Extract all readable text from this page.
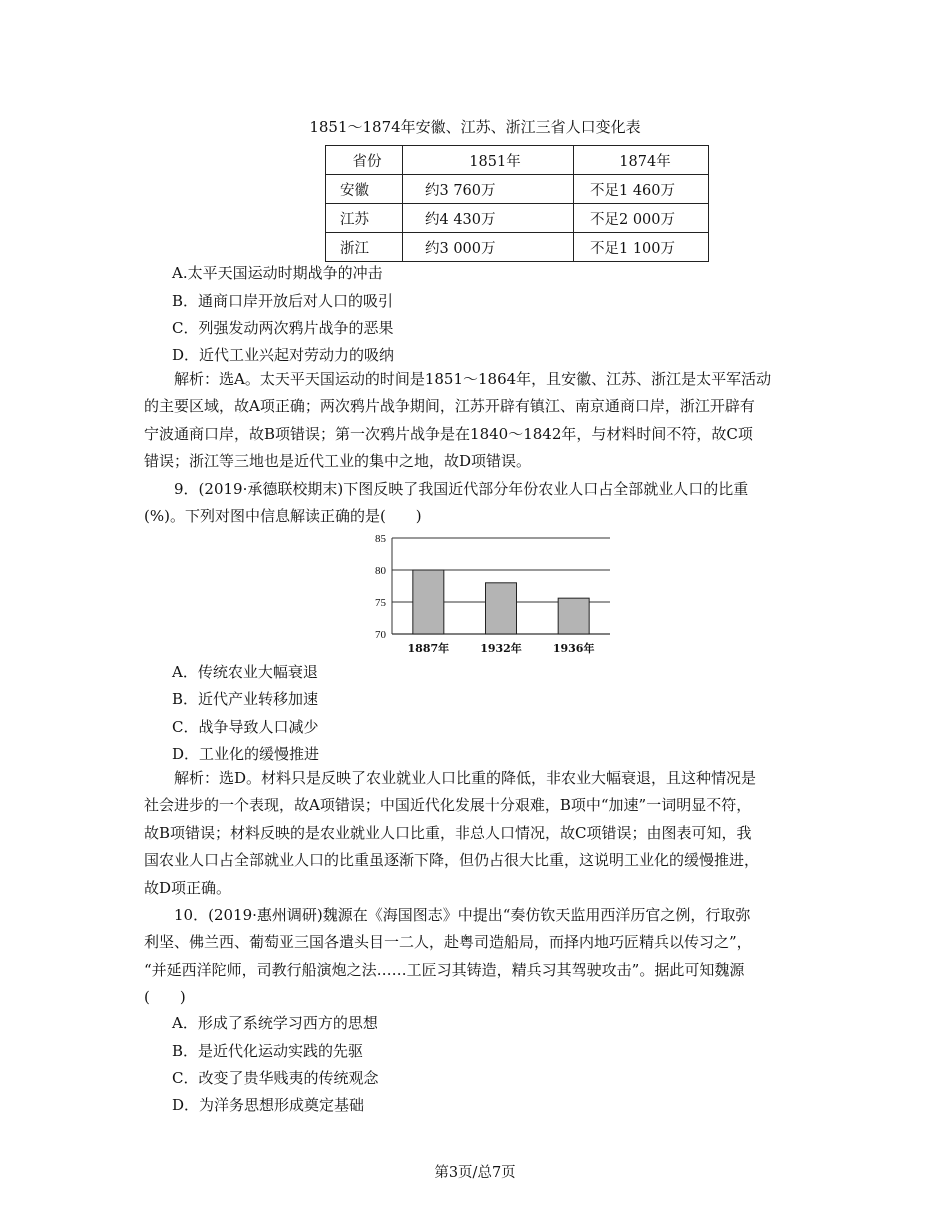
1851～1874年安徽、江苏、浙江三省人口变化表
省份	1851年	1874年
安徽	约3 760万	不足1 460万
江苏	约4 430万	不足2 000万
浙江	约3 000万	不足1 100万
A.太平天国运动时期战争的冲击
B．通商口岸开放后对人口的吸引
C．列强发动两次鸦片战争的恶果
D．近代工业兴起对劳动力的吸纳
解析：选A。太天平天国运动的时间是1851～1864年，且安徽、江苏、浙江是太平军活动
的主要区域，故A项正确；两次鸦片战争期间，江苏开辟有镇江、南京通商口岸，浙江开辟有
宁波通商口岸，故B项错误；第一次鸦片战争是在1840～1842年，与材料时间不符，故C项
错误；浙江等三地也是近代工业的集中之地，故D项错误。
9．(2019·承德联校期末)下图反映了我国近代部分年份农业人口占全部就业人口的比重
(%)。下列对图中信息解读正确的是(　　)
85
80
75
70
1887年	1932年	1936年
A．传统农业大幅衰退
B．近代产业转移加速
C．战争导致人口减少
D．工业化的缓慢推进
解析：选D。材料只是反映了农业就业人口比重的降低，非农业大幅衰退，且这种情况是
社会进步的一个表现，故A项错误；中国近代化发展十分艰难，B项中“加速”一词明显不符，
故B项错误；材料反映的是农业就业人口比重，非总人口情况，故C项错误；由图表可知，我
国农业人口占全部就业人口的比重虽逐渐下降，但仍占很大比重，这说明工业化的缓慢推进，
故D项正确。
10．(2019·惠州调研)魏源在《海国图志》中提出“奏仿钦天监用西洋历官之例，行取弥
利坚、佛兰西、葡萄亚三国各遣头目一二人，赴粤司造船局，而择内地巧匠精兵以传习之”，
“并延西洋陀师，司教行船演炮之法……工匠习其铸造，精兵习其驾驶攻击”。据此可知魏源
(　　)
A．形成了系统学习西方的思想
B．是近代化运动实践的先驱
C．改变了贵华贱夷的传统观念
D．为洋务思想形成奠定基础
第3页/总7页
